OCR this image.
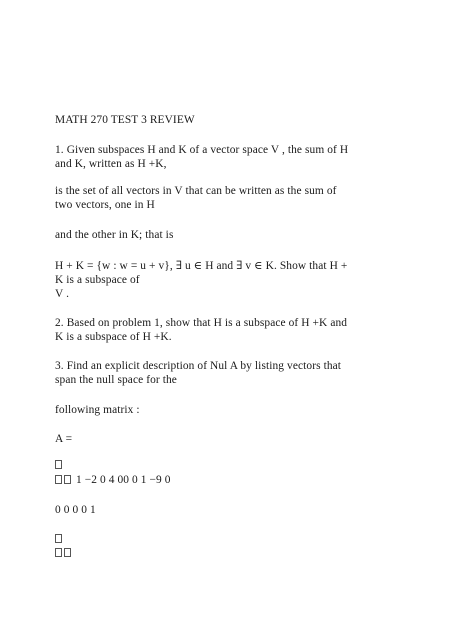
MATH 270 TEST 3 REVIEW
1. Given subspaces H and K of a vector space V , the sum of H
and K, written as H +K,
is the set of all vectors in V that can be written as the sum of
two vectors, one in H
and the other in K; that is
H + K = {w : w = u + v}, ∃ u ∈ H and ∃ v ∈ K. Show that H +
K is a subspace of
V .
2. Based on problem 1, show that H is a subspace of H +K and
K is a subspace of H +K.
3. Find an explicit description of Nul A by listing vectors that
span the null space for the
following matrix :
A =
1 −2 0 4 00 0 1 −9 0
0 0 0 0 1
